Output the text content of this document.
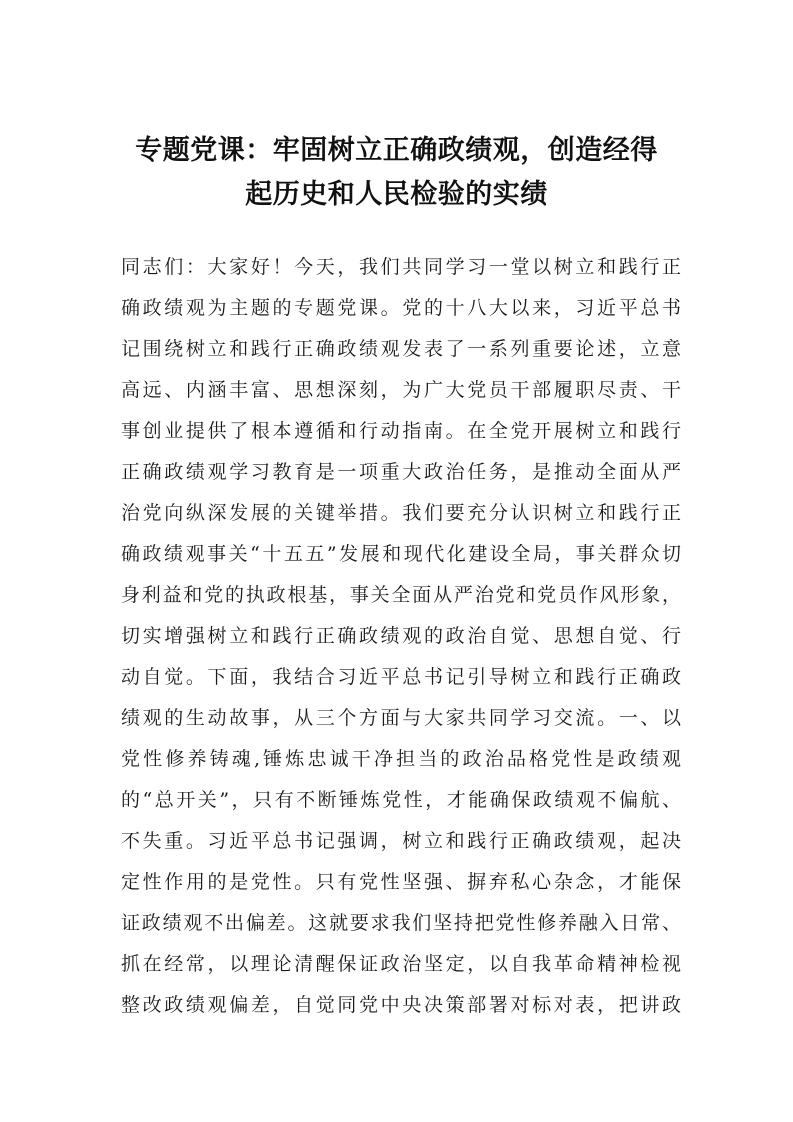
专题党课：牢固树立正确政绩观，创造经得
起历史和人民检验的实绩
同志们：大家好！今天，我们共同学习一堂以树立和践行正
确政绩观为主题的专题党课。党的十八大以来，习近平总书
记围绕树立和践行正确政绩观发表了一系列重要论述，立意
高远、内涵丰富、思想深刻，为广大党员干部履职尽责、干
事创业提供了根本遵循和行动指南。在全党开展树立和践行
正确政绩观学习教育是一项重大政治任务，是推动全面从严
治党向纵深发展的关键举措。我们要充分认识树立和践行正
确政绩观事关“十五五”发展和现代化建设全局，事关群众切
身利益和党的执政根基，事关全面从严治党和党员作风形象，
切实增强树立和践行正确政绩观的政治自觉、思想自觉、行
动自觉。下面，我结合习近平总书记引导树立和践行正确政
绩观的生动故事，从三个方面与大家共同学习交流。一、以
党性修养铸魂,锤炼忠诚干净担当的政治品格党性是政绩观
的“总开关”，只有不断锤炼党性，才能确保政绩观不偏航、
不失重。习近平总书记强调，树立和践行正确政绩观，起决
定性作用的是党性。只有党性坚强、摒弃私心杂念，才能保
证政绩观不出偏差。这就要求我们坚持把党性修养融入日常、
抓在经常，以理论清醒保证政治坚定，以自我革命精神检视
整改政绩观偏差，自觉同党中央决策部署对标对表，把讲政
